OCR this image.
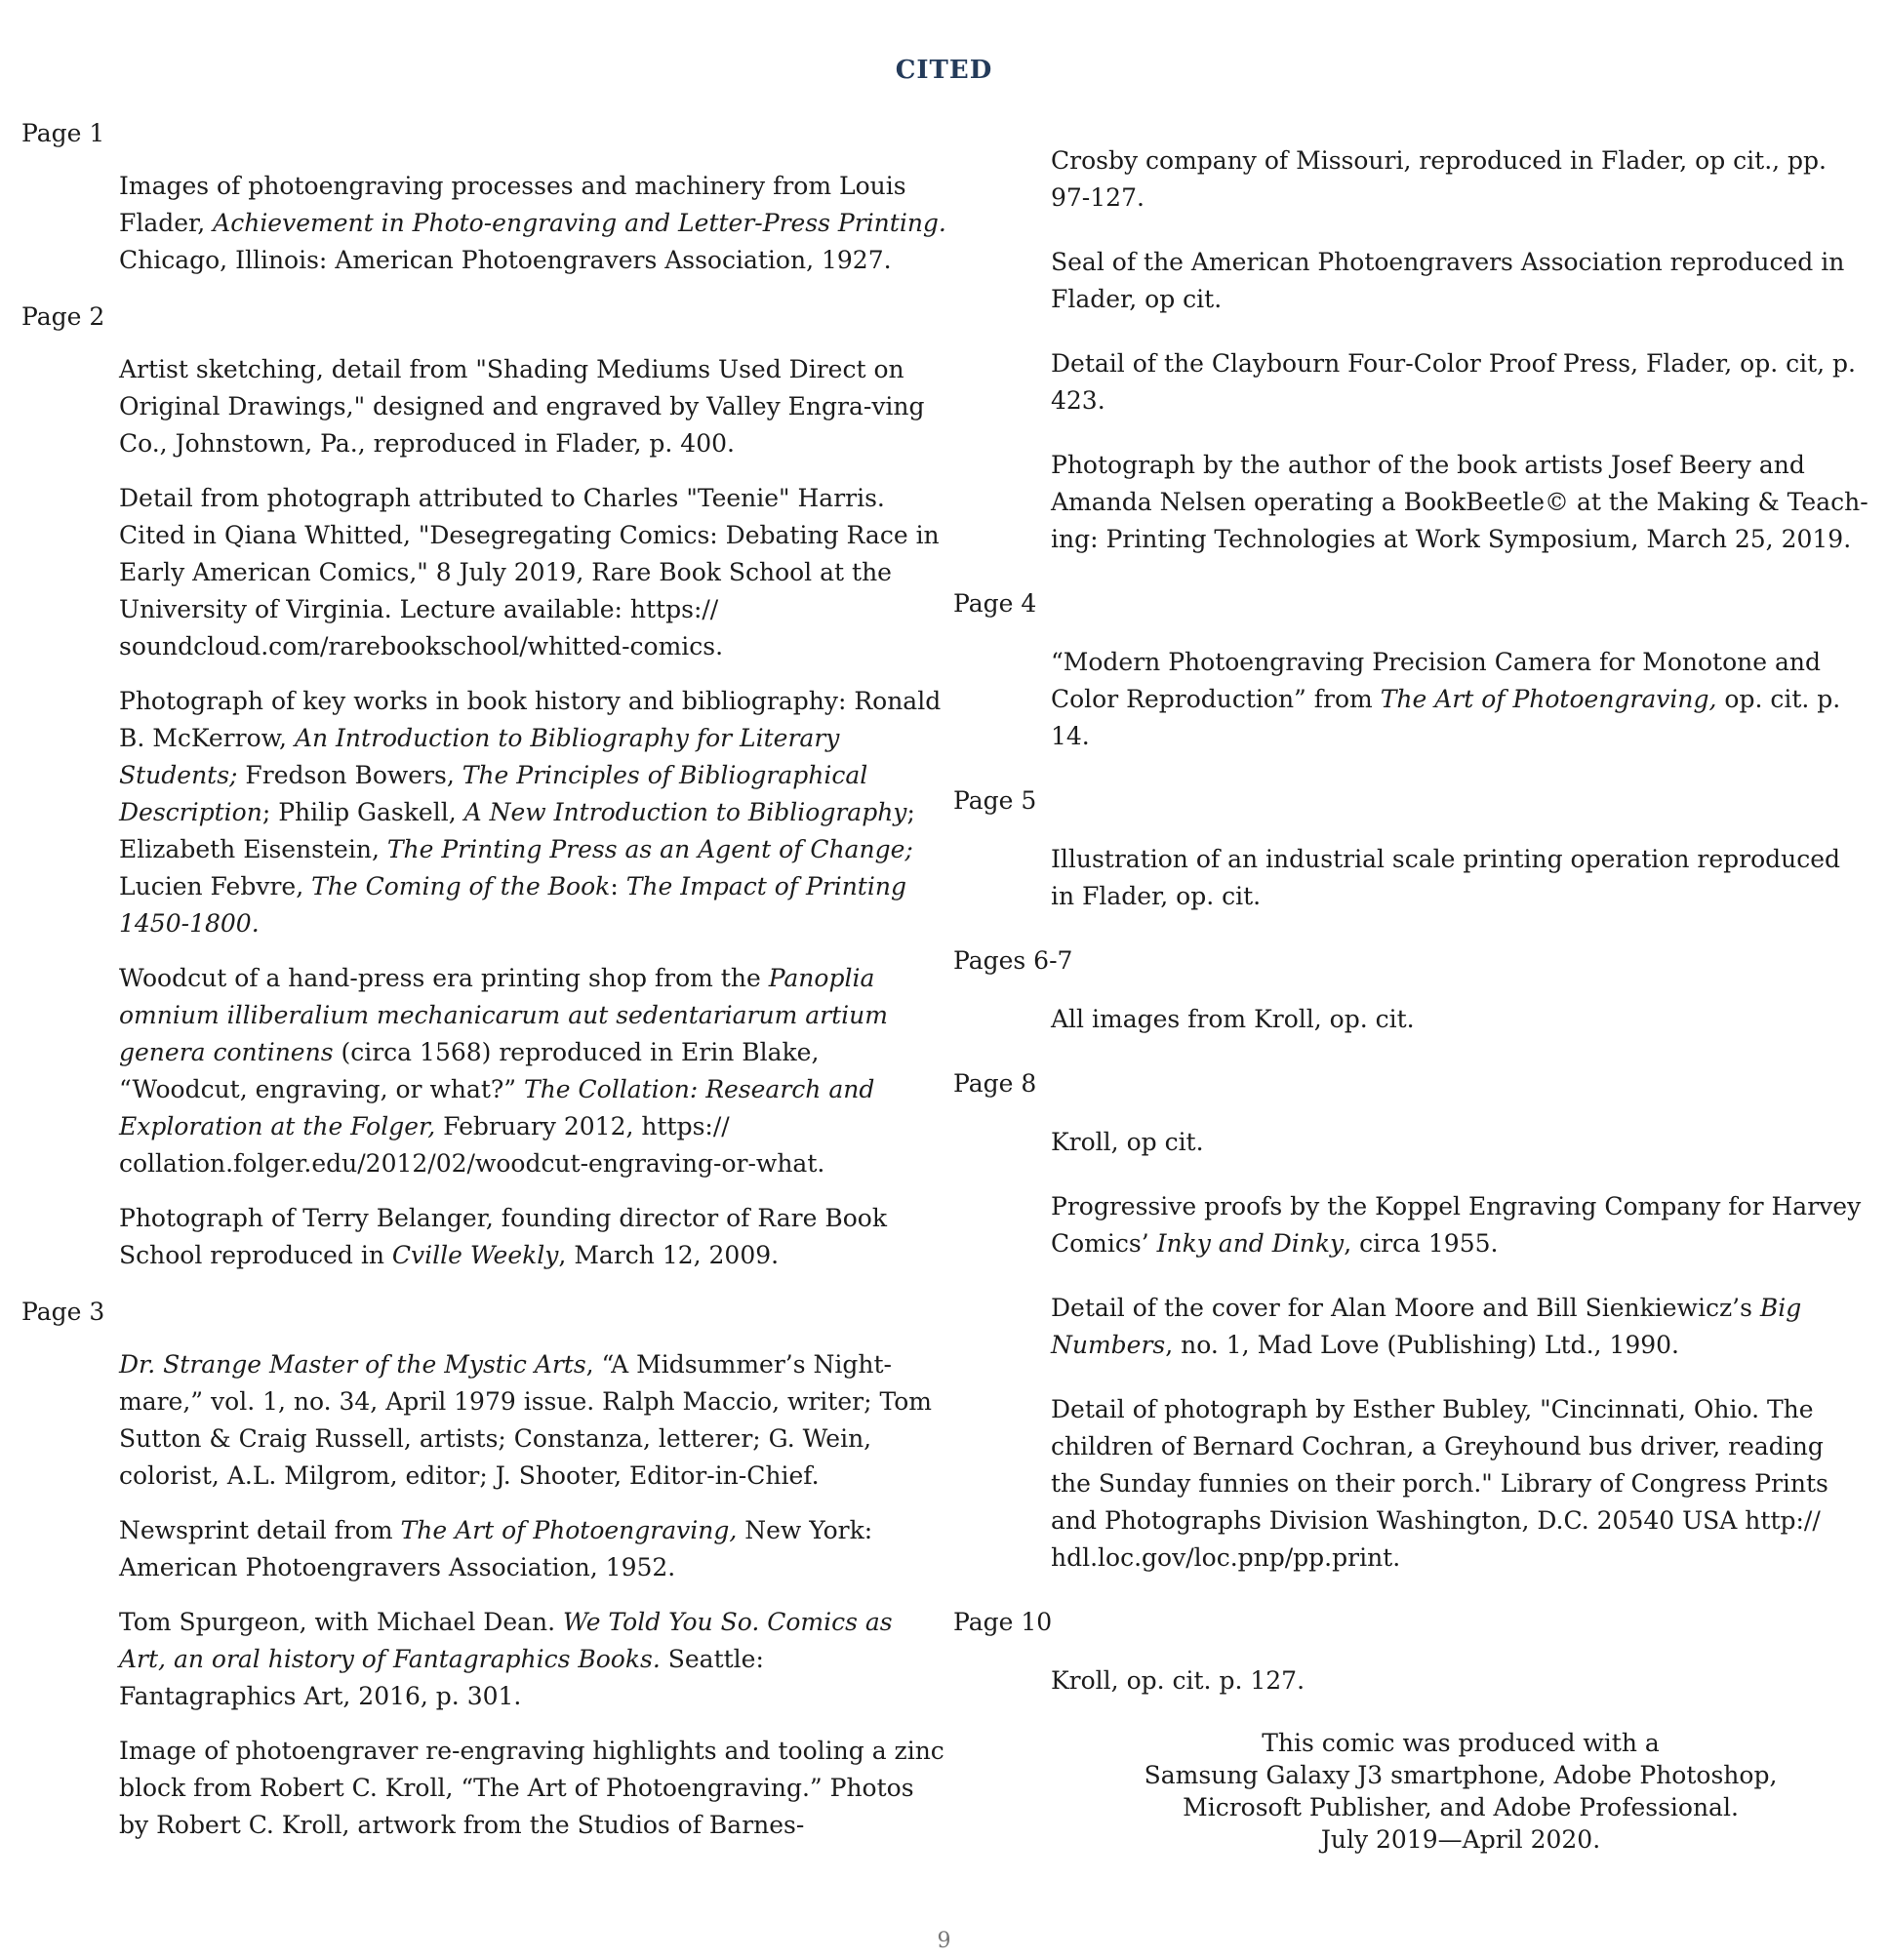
CITED
Page 1
Images of photoengraving processes and machinery from Louis Flader, Achievement in Photo-engraving and Letter-Press Printing. Chicago, Illinois: American Photoengravers Association, 1927.
Page 2
Artist sketching, detail from "Shading Mediums Used Direct on Original Drawings," designed and engraved by Valley Engra-ving Co., Johnstown, Pa., reproduced in Flader, p. 400.
Detail from photograph attributed to Charles "Teenie" Harris. Cited in Qiana Whitted, "Desegregating Comics: Debating Race in Early American Comics," 8 July 2019, Rare Book School at the University of Virginia. Lecture available: https:// soundcloud.com/rarebookschool/whitted-comics.
Photograph of key works in book history and bibliography: Ronald B. McKerrow, An Introduction to Bibliography for Literary Students; Fredson Bowers, The Principles of Bibliographical Description; Philip Gaskell, A New Introduction to Bibliography; Elizabeth Eisenstein, The Printing Press as an Agent of Change; Lucien Febvre, The Coming of the Book: The Impact of Printing 1450-1800.
Woodcut of a hand-press era printing shop from the Panoplia omnium illiberalium mechanicarum aut sedentariarum artium genera continens (circa 1568) reproduced in Erin Blake, “Woodcut, engraving, or what?” The Collation: Research and Exploration at the Folger, February 2012, https:// collation.folger.edu/2012/02/woodcut-engraving-or-what.
Photograph of Terry Belanger, founding director of Rare Book School reproduced in Cville Weekly, March 12, 2009.
Page 3
Dr. Strange Master of the Mystic Arts, “A Midsummer’s Night-mare,” vol. 1, no. 34, April 1979 issue. Ralph Maccio, writer; Tom Sutton & Craig Russell, artists; Constanza, letterer; G. Wein, colorist, A.L. Milgrom, editor; J. Shooter, Editor-in-Chief.
Newsprint detail from The Art of Photoengraving, New York: American Photoengravers Association, 1952.
Tom Spurgeon, with Michael Dean. We Told You So. Comics as Art, an oral history of Fantagraphics Books. Seattle: Fantagraphics Art, 2016, p. 301.
Image of photoengraver re-engraving highlights and tooling a zinc block from Robert C. Kroll, “The Art of Photoengraving.” Photos by Robert C. Kroll, artwork from the Studios of Barnes-
Crosby company of Missouri, reproduced in Flader, op cit., pp. 97-127.
Seal of the American Photoengravers Association reproduced in Flader, op cit.
Detail of the Claybourn Four-Color Proof Press, Flader, op. cit, p. 423.
Photograph by the author of the book artists Josef Beery and Amanda Nelsen operating a BookBeetle© at the Making & Teach-ing: Printing Technologies at Work Symposium, March 25, 2019.
Page 4
“Modern Photoengraving Precision Camera for Monotone and Color Reproduction” from The Art of Photoengraving, op. cit. p. 14.
Page 5
Illustration of an industrial scale printing operation reproduced in Flader, op. cit.
Pages 6-7
All images from Kroll, op. cit.
Page 8
Kroll, op cit.
Progressive proofs by the Koppel Engraving Company for Harvey Comics’ Inky and Dinky, circa 1955.
Detail of the cover for Alan Moore and Bill Sienkiewicz’s Big Numbers, no. 1, Mad Love (Publishing) Ltd., 1990.
Detail of photograph by Esther Bubley, "Cincinnati, Ohio. The children of Bernard Cochran, a Greyhound bus driver, reading the Sunday funnies on their porch." Library of Congress Prints and Photographs Division Washington, D.C. 20540 USA http:// hdl.loc.gov/loc.pnp/pp.print.
Page 10
Kroll, op. cit. p. 127.
This comic was produced with a
Samsung Galaxy J3 smartphone, Adobe Photoshop,
Microsoft Publisher, and Adobe Professional.
July 2019—April 2020.
9
